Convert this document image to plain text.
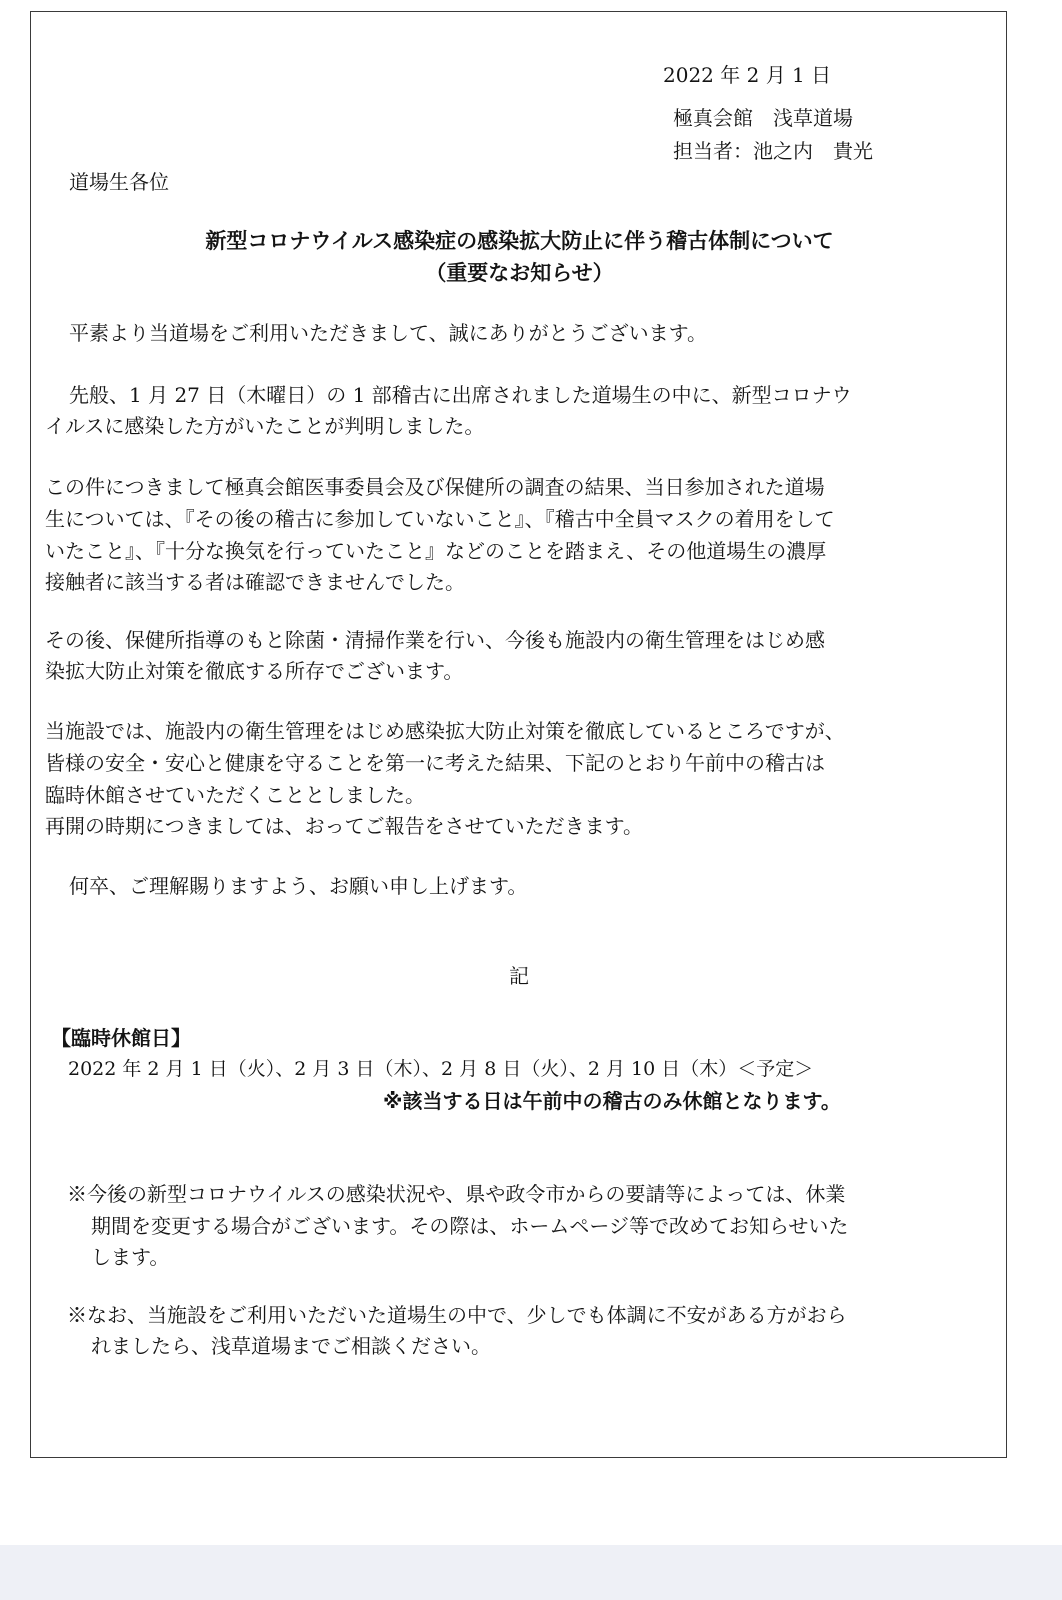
2022 年 2 月 1 日

極真会館　浅草道場

担当者：池之内　貴光

道場生各位

新型コロナウイルス感染症の感染拡大防止に伴う稽古体制について

（重要なお知らせ）

平素より当道場をご利用いただきまして、誠にありがとうございます。

先般、1 月 27 日（木曜日）の 1 部稽古に出席されました道場生の中に、新型コロナウ

イルスに感染した方がいたことが判明しました。

この件につきまして極真会館医事委員会及び保健所の調査の結果、当日参加された道場

生については、『その後の稽古に参加していないこと』、『稽古中全員マスクの着用をして

いたこと』、『十分な換気を行っていたこと』などのことを踏まえ、その他道場生の濃厚

接触者に該当する者は確認できませんでした。

その後、保健所指導のもと除菌・清掃作業を行い、今後も施設内の衛生管理をはじめ感

染拡大防止対策を徹底する所存でございます。

当施設では、施設内の衛生管理をはじめ感染拡大防止対策を徹底しているところですが、

皆様の安全・安心と健康を守ることを第一に考えた結果、下記のとおり午前中の稽古は

臨時休館させていただくこととしました。

再開の時期につきましては、おってご報告をさせていただきます。

何卒、ご理解賜りますよう、お願い申し上げます。

記

【臨時休館日】

2022 年 2 月 1 日（火）、2 月 3 日（木）、2 月 8 日（火）、2 月 10 日（木）＜予定＞

※該当する日は午前中の稽古のみ休館となります。

※今後の新型コロナウイルスの感染状況や、県や政令市からの要請等によっては、休業

期間を変更する場合がございます。その際は、ホームページ等で改めてお知らせいた

します。

※なお、当施設をご利用いただいた道場生の中で、少しでも体調に不安がある方がおら

れましたら、浅草道場までご相談ください。
